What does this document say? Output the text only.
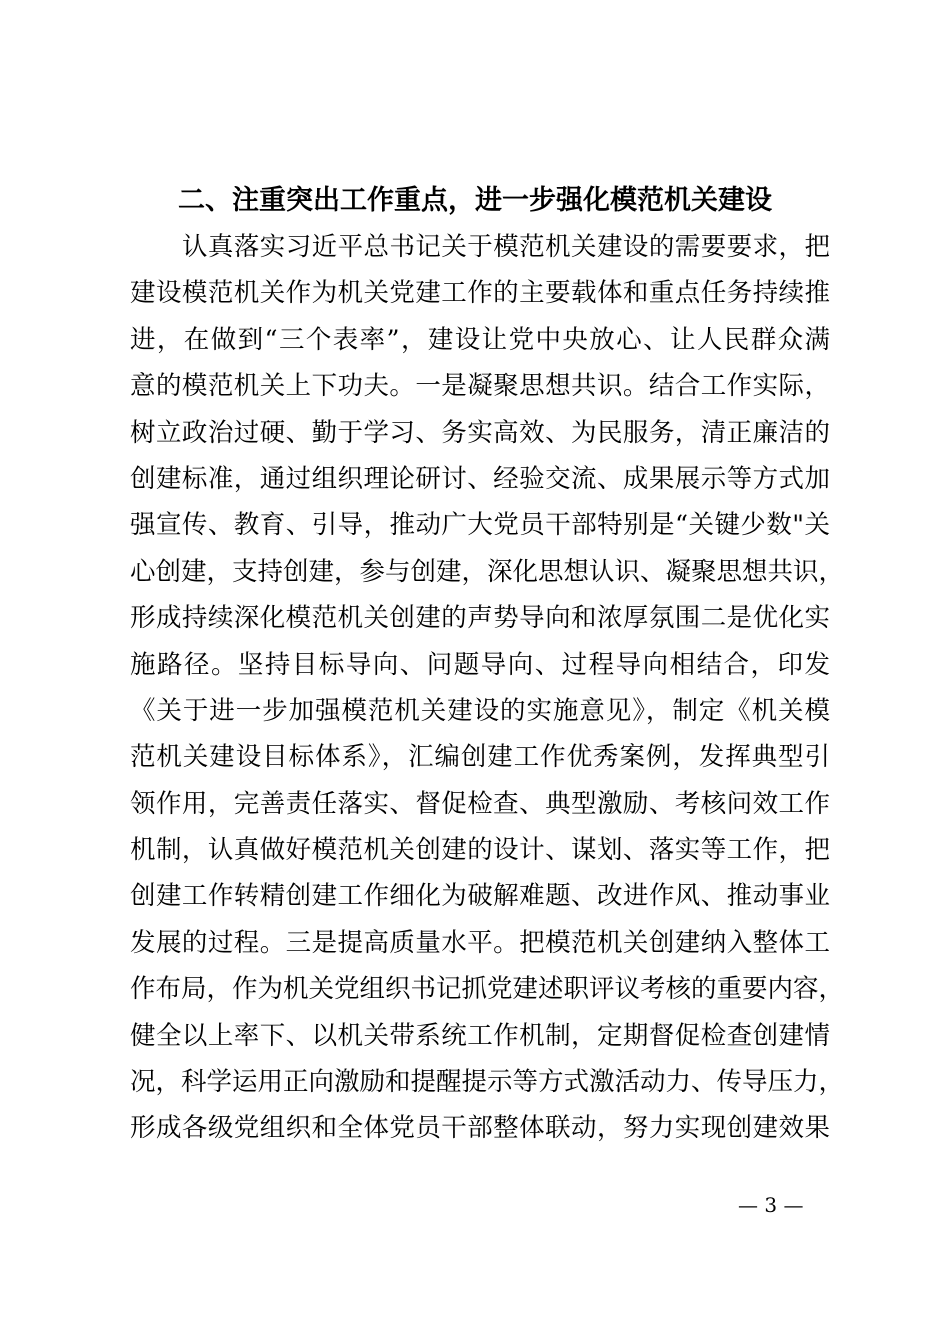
二、注重突出工作重点，进一步强化模范机关建设
认真落实习近平总书记关于模范机关建设的需要要求，把
建设模范机关作为机关党建工作的主要载体和重点任务持续推
进，在做到“三个表率”，建设让党中央放心、让人民群众满
意的模范机关上下功夫。一是凝聚思想共识。结合工作实际，
树立政治过硬、勤于学习、务实高效、为民服务，清正廉洁的
创建标准，通过组织理论研讨、经验交流、成果展示等方式加
强宣传、教育、引导，推动广大党员干部特别是“关键少数"关
心创建，支持创建，参与创建，深化思想认识、凝聚思想共识，
形成持续深化模范机关创建的声势导向和浓厚氛围二是优化实
施路径。坚持目标导向、问题导向、过程导向相结合，印发
《关于进一步加强模范机关建设的实施意见》，制定《机关模
范机关建设目标体系》，汇编创建工作优秀案例，发挥典型引
领作用，完善责任落实、督促检查、典型激励、考核问效工作
机制，认真做好模范机关创建的设计、谋划、落实等工作，把
创建工作转精创建工作细化为破解难题、改进作风、推动事业
发展的过程。三是提高质量水平。把模范机关创建纳入整体工
作布局，作为机关党组织书记抓党建述职评议考核的重要内容，
健全以上率下、以机关带系统工作机制，定期督促检查创建情
况，科学运用正向激励和提醒提示等方式激活动力、传导压力，
形成各级党组织和全体党员干部整体联动，努力实现创建效果
— 3 —
